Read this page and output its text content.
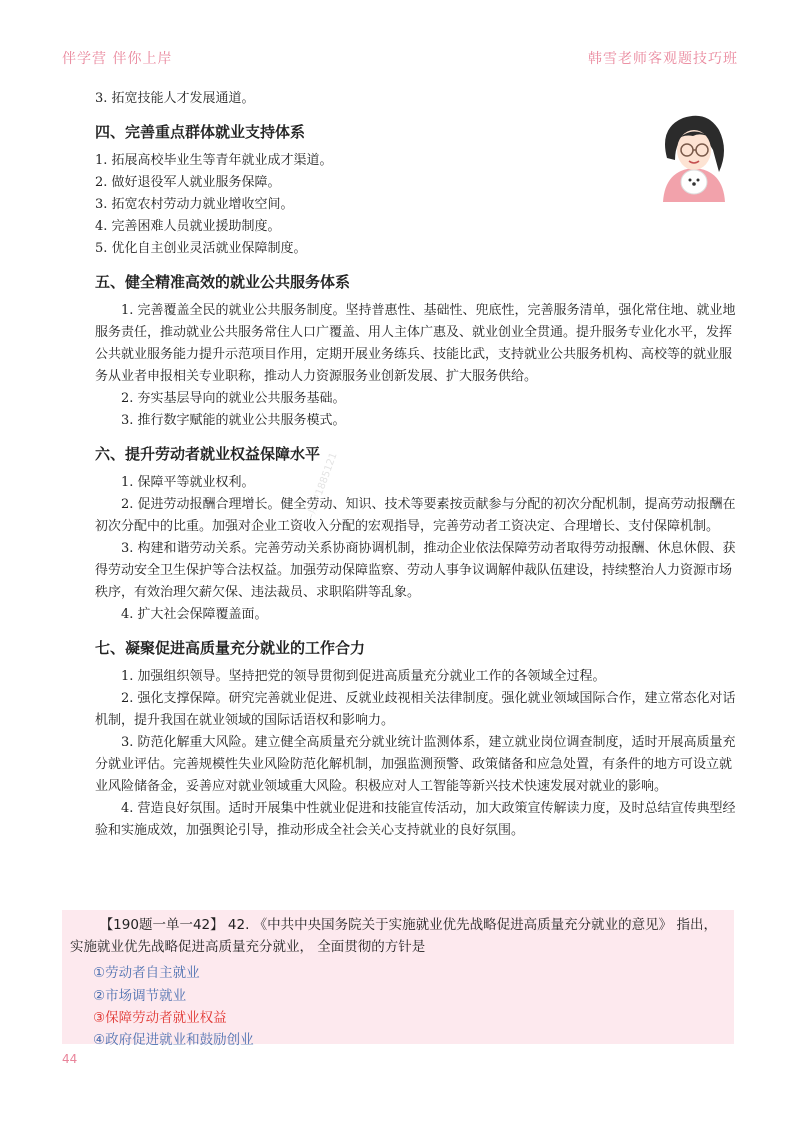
伴学营 伴你上岸	韩雪老师客观题技巧班
—用户1885121

3. 拓宽技能人才发展通道。

四、完善重点群体就业支持体系

1. 拓展高校毕业生等青年就业成才渠道。

2. 做好退役军人就业服务保障。

3. 拓宽农村劳动力就业增收空间。

4. 完善困难人员就业援助制度。

5. 优化自主创业灵活就业保障制度。

五、健全精准高效的就业公共服务体系

1. 完善覆盖全民的就业公共服务制度。坚持普惠性、基础性、兜底性，完善服务清单，强化常住地、就业地服务责任，推动就业公共服务常住人口广覆盖、用人主体广惠及、就业创业全贯通。提升服务专业化水平，发挥公共就业服务能力提升示范项目作用，定期开展业务练兵、技能比武，支持就业公共服务机构、高校等的就业服务从业者申报相关专业职称，推动人力资源服务业创新发展、扩大服务供给。

2. 夯实基层导向的就业公共服务基础。

3. 推行数字赋能的就业公共服务模式。

六、提升劳动者就业权益保障水平

1. 保障平等就业权利。

2. 促进劳动报酬合理增长。健全劳动、知识、技术等要素按贡献参与分配的初次分配机制，提高劳动报酬在初次分配中的比重。加强对企业工资收入分配的宏观指导，完善劳动者工资决定、合理增长、支付保障机制。

3. 构建和谐劳动关系。完善劳动关系协商协调机制，推动企业依法保障劳动者取得劳动报酬、休息休假、获得劳动安全卫生保护等合法权益。加强劳动保障监察、劳动人事争议调解仲裁队伍建设，持续整治人力资源市场秩序，有效治理欠薪欠保、违法裁员、求职陷阱等乱象。

4. 扩大社会保障覆盖面。

七、凝聚促进高质量充分就业的工作合力

1. 加强组织领导。坚持把党的领导贯彻到促进高质量充分就业工作的各领域全过程。

2. 强化支撑保障。研究完善就业促进、反就业歧视相关法律制度。强化就业领域国际合作，建立常态化对话机制，提升我国在就业领域的国际话语权和影响力。

3. 防范化解重大风险。建立健全高质量充分就业统计监测体系，建立就业岗位调查制度，适时开展高质量充分就业评估。完善规模性失业风险防范化解机制，加强监测预警、政策储备和应急处置，有条件的地方可设立就业风险储备金，妥善应对就业领域重大风险。积极应对人工智能等新兴技术快速发展对就业的影响。

4. 营造良好氛围。适时开展集中性就业促进和技能宣传活动，加大政策宣传解读力度，及时总结宣传典型经验和实施成效，加强舆论引导，推动形成全社会关心支持就业的良好氛围。

【190题一单一42】 42. 《中共中央国务院关于实施就业优先战略促进高质量充分就业的意见》 指出， 实施就业优先战略促进高质量充分就业， 全面贯彻的方针是
①劳动者自主就业
②市场调节就业
③保障劳动者就业权益
④政府促进就业和鼓励创业
44
